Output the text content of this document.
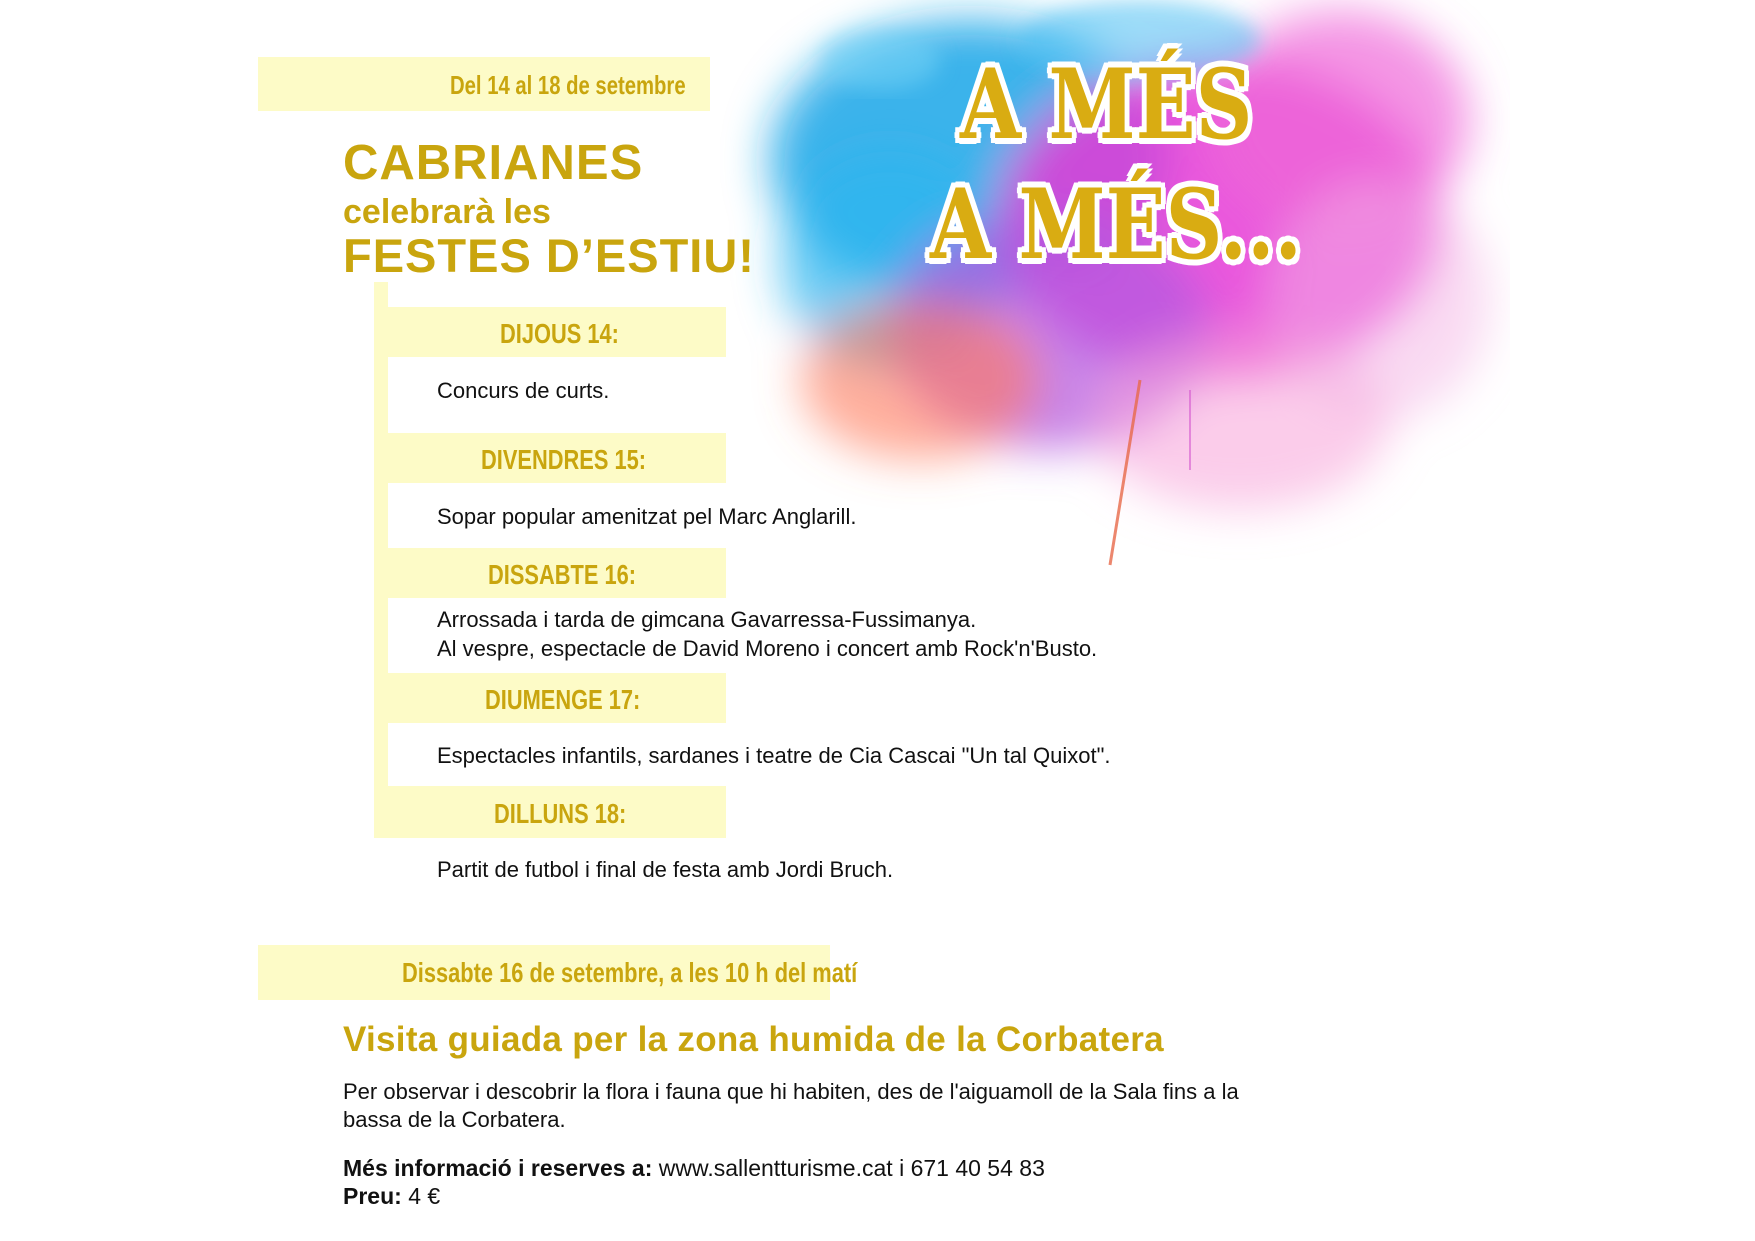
Del 14 al 18 de setembre
CABRIANES
celebrarà les
FESTES D’ESTIU!
A MÉS
A MÉS...
DIJOUS 14:
Concurs de curts.
DIVENDRES 15:
Sopar popular amenitzat pel Marc Anglarill.
DISSABTE 16:
Arrossada i tarda de gimcana Gavarressa-Fussimanya.
Al vespre, espectacle de David Moreno i concert amb Rock'n'Busto.
DIUMENGE 17:
Espectacles infantils, sardanes i teatre de Cia Cascai "Un tal Quixot".
DILLUNS 18:
Partit de futbol i final de festa amb Jordi Bruch.
Dissabte 16 de setembre, a les 10 h del matí
Visita guiada per la zona humida de la Corbatera
Per observar i descobrir la flora i fauna que hi habiten, des de l'aiguamoll de la Sala fins a la bassa de la Corbatera.
Més informació i reserves a: www.sallentturisme.cat i 671 40 54 83
Preu: 4 €
